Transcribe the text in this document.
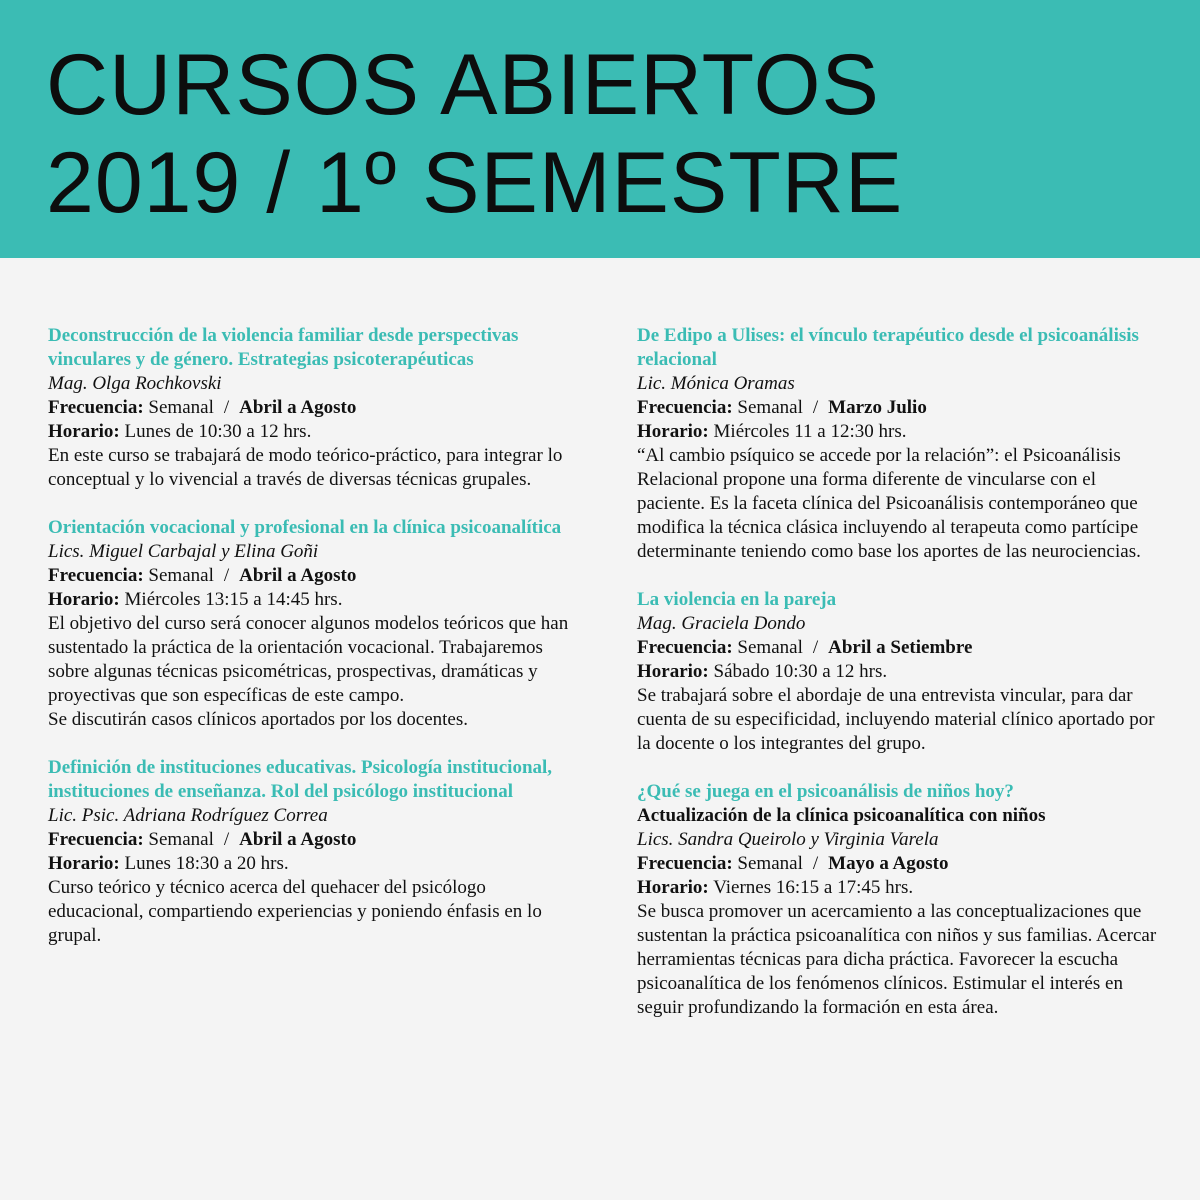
CURSOS ABIERTOS
2019 / 1º SEMESTRE
Deconstrucción de la violencia familiar desde perspectivas vinculares y de género. Estrategias psicoterapéuticas
Mag. Olga Rochkovski
Frecuencia: Semanal / Abril a Agosto
Horario: Lunes de 10:30 a 12 hrs.
En este curso se trabajará de modo teórico-práctico, para integrar lo conceptual y lo vivencial a través de diversas técnicas grupales.
Orientación vocacional y profesional en la clínica psicoanalítica
Lics. Miguel Carbajal y Elina Goñi
Frecuencia: Semanal / Abril a Agosto
Horario: Miércoles 13:15 a 14:45 hrs.
El objetivo del curso será conocer algunos modelos teóricos que han sustentado la práctica de la orientación vocacional. Trabajaremos sobre algunas técnicas psicométricas, prospectivas, dramáticas y proyectivas que son específicas de este campo.
Se discutirán casos clínicos aportados por los docentes.
Definición de instituciones educativas. Psicología institucional, instituciones de enseñanza. Rol del psicólogo institucional
Lic. Psic. Adriana Rodríguez Correa
Frecuencia: Semanal / Abril a Agosto
Horario: Lunes 18:30 a 20 hrs.
Curso teórico y técnico acerca del quehacer del psicólogo educacional, compartiendo experiencias y poniendo énfasis en lo grupal.
De Edipo a Ulises: el vínculo terapéutico desde el psicoanálisis relacional
Lic. Mónica Oramas
Frecuencia: Semanal / Marzo Julio
Horario: Miércoles 11 a 12:30 hrs.
“Al cambio psíquico se accede por la relación”: el Psicoanálisis Relacional propone una forma diferente de vincularse con el paciente. Es la faceta clínica del Psicoanálisis contemporáneo que modifica la técnica clásica incluyendo al terapeuta como partícipe determinante teniendo como base los aportes de las neurociencias.
La violencia en la pareja
Mag. Graciela Dondo
Frecuencia: Semanal / Abril a Setiembre
Horario: Sábado 10:30 a 12 hrs.
Se trabajará sobre el abordaje de una entrevista vincular, para dar cuenta de su especificidad, incluyendo material clínico aportado por la docente o los integrantes del grupo.
¿Qué se juega en el psicoanálisis de niños hoy?
Actualización de la clínica psicoanalítica con niños
Lics. Sandra Queirolo y Virginia Varela
Frecuencia: Semanal / Mayo a Agosto
Horario: Viernes 16:15 a 17:45 hrs.
Se busca promover un acercamiento a las conceptualizaciones que sustentan la práctica psicoanalítica con niños y sus familias. Acercar herramientas técnicas para dicha práctica. Favorecer la escucha psicoanalítica de los fenómenos clínicos. Estimular el interés en seguir profundizando la formación en esta área.
